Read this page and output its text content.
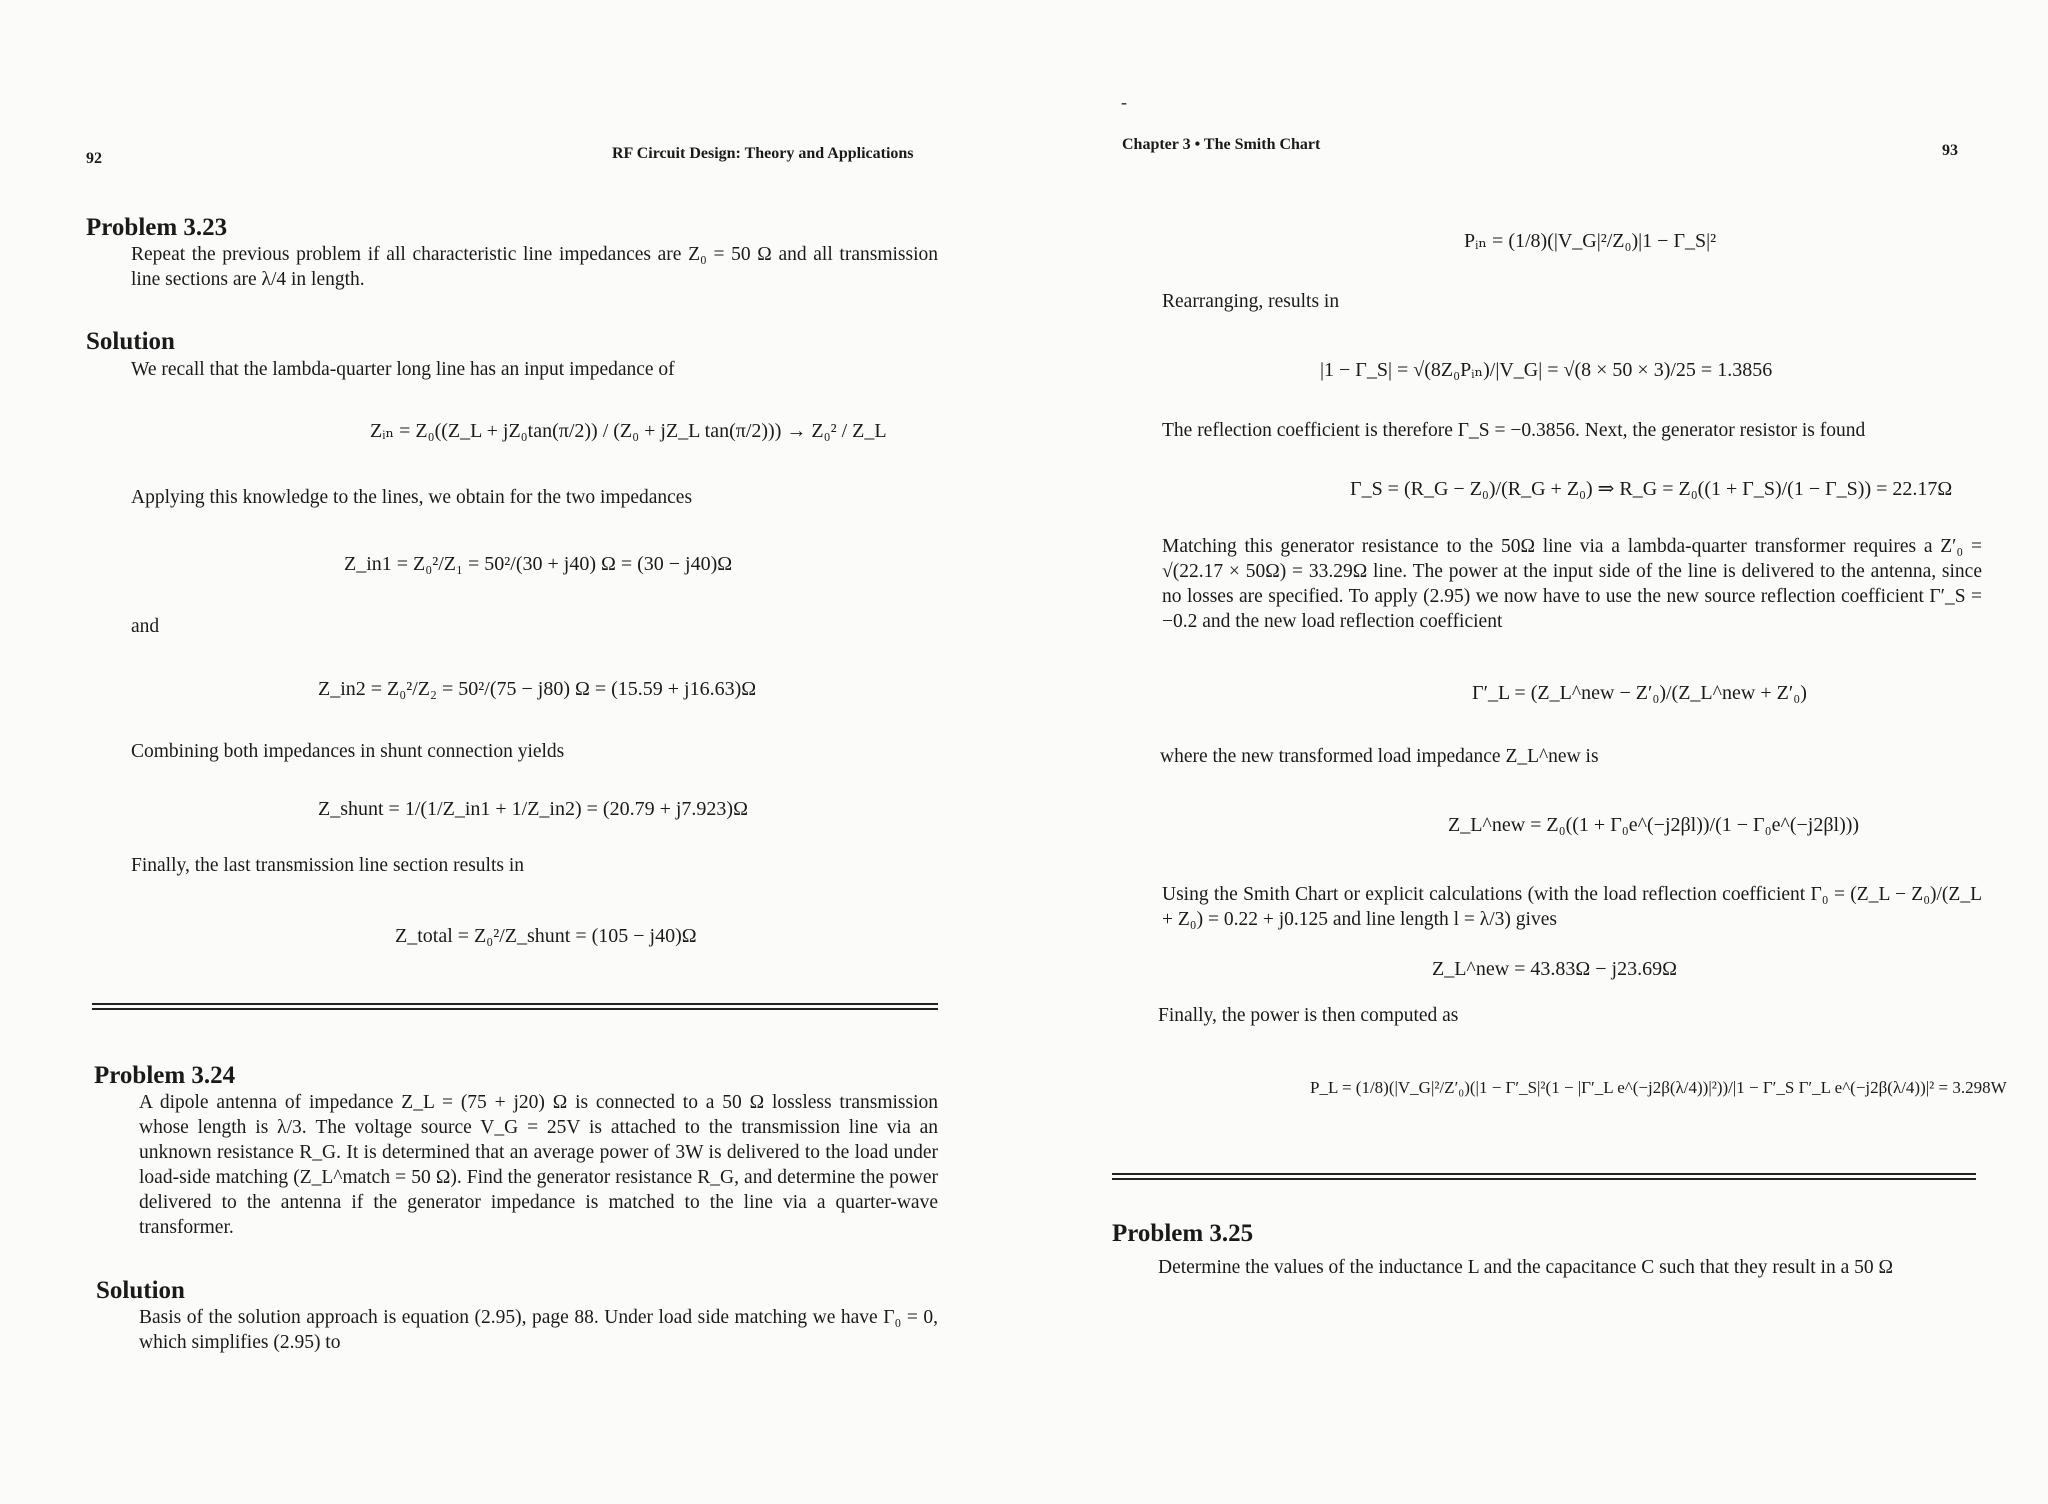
92	RF Circuit Design: Theory and Applications
Problem 3.23
Repeat the previous problem if all characteristic line impedances are Z₀ = 50 Ω and all transmission line sections are λ/4 in length.
Solution
We recall that the lambda-quarter long line has an input impedance of
Zᵢₙ = Z₀((Z_L + jZ₀tan(π/2)) / (Z₀ + jZ_L tan(π/2))) → Z₀² / Z_L
Applying this knowledge to the lines, we obtain for the two impedances
Z_in1 = Z₀²/Z₁ = 50²/(30 + j40) Ω = (30 − j40)Ω
and
Z_in2 = Z₀²/Z₂ = 50²/(75 − j80) Ω = (15.59 + j16.63)Ω
Combining both impedances in shunt connection yields
Z_shunt = 1/(1/Z_in1 + 1/Z_in2) = (20.79 + j7.923)Ω
Finally, the last transmission line section results in
Z_total = Z₀²/Z_shunt = (105 − j40)Ω
Problem 3.24
A dipole antenna of impedance Z_L = (75 + j20) Ω is connected to a 50 Ω lossless transmission whose length is λ/3. The voltage source V_G = 25V is attached to the transmission line via an unknown resistance R_G. It is determined that an average power of 3W is delivered to the load under load-side matching (Z_L^match = 50 Ω). Find the generator resistance R_G, and determine the power delivered to the antenna if the generator impedance is matched to the line via a quarter-wave transformer.
Solution
Basis of the solution approach is equation (2.95), page 88. Under load side matching we have Γ₀ = 0, which simplifies (2.95) to
-
Chapter 3 • The Smith Chart	93
Pᵢₙ = (1/8)(|V_G|²/Z₀)|1 − Γ_S|²
Rearranging, results in
|1 − Γ_S| = √(8Z₀Pᵢₙ)/|V_G| = √(8 × 50 × 3)/25 = 1.3856
The reflection coefficient is therefore Γ_S = −0.3856. Next, the generator resistor is found
Γ_S = (R_G − Z₀)/(R_G + Z₀) ⇒ R_G = Z₀((1 + Γ_S)/(1 − Γ_S)) = 22.17Ω
Matching this generator resistance to the 50Ω line via a lambda-quarter transformer requires a Z′₀ = √(22.17 × 50Ω) = 33.29Ω line. The power at the input side of the line is delivered to the antenna, since no losses are specified. To apply (2.95) we now have to use the new source reflection coefficient Γ′_S = −0.2 and the new load reflection coefficient
Γ′_L = (Z_L^new − Z′₀)/(Z_L^new + Z′₀)
where the new transformed load impedance Z_L^new is
Z_L^new = Z₀((1 + Γ₀e^(−j2βl))/(1 − Γ₀e^(−j2βl)))
Using the Smith Chart or explicit calculations (with the load reflection coefficient Γ₀ = (Z_L − Z₀)/(Z_L + Z₀) = 0.22 + j0.125 and line length l = λ/3) gives
Z_L^new = 43.83Ω − j23.69Ω
Finally, the power is then computed as
P_L = (1/8)(|V_G|²/Z′₀)(|1 − Γ′_S|²(1 − |Γ′_L e^(−j2β(λ/4))|²))/|1 − Γ′_S Γ′_L e^(−j2β(λ/4))|² = 3.298W
Problem 3.25
Determine the values of the inductance L and the capacitance C such that they result in a 50 Ω
